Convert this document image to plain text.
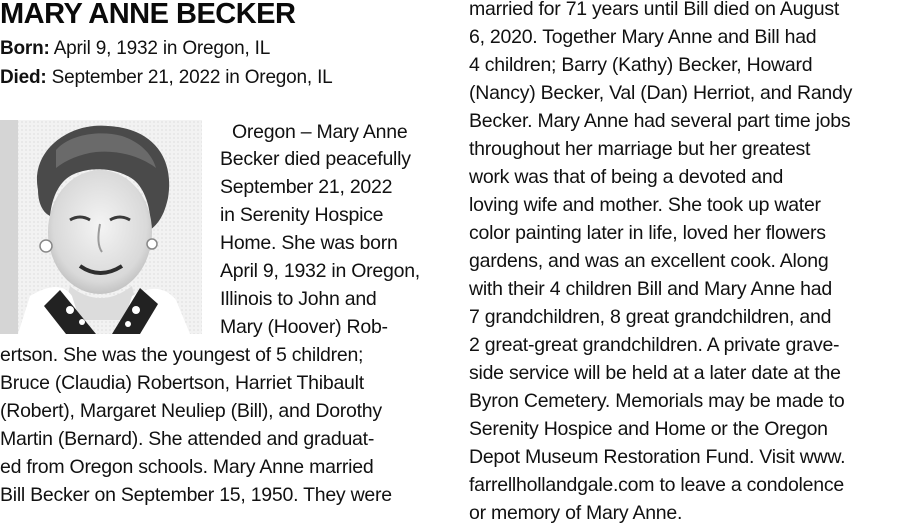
MARY ANNE BECKER
Born: April 9, 1932 in Oregon, IL
Died: September 21, 2022 in Oregon, IL
Oregon – Mary Anne
Becker died peacefully
September 21, 2022
in Serenity Hospice
Home. She was born
April 9, 1932 in Oregon,
Illinois to John and
Mary (Hoover) Rob-
ertson. She was the youngest of 5 children;
Bruce (Claudia) Robertson, Harriet Thibault
(Robert), Margaret Neuliep (Bill), and Dorothy
Martin (Bernard). She attended and graduat-
ed from Oregon schools. Mary Anne married
Bill Becker on September 15, 1950. They were
married for 71 years until Bill died on August
6, 2020. Together Mary Anne and Bill had
4 children; Barry (Kathy) Becker, Howard
(Nancy) Becker, Val (Dan) Herriot, and Randy
Becker. Mary Anne had several part time jobs
throughout her marriage but her greatest
work was that of being a devoted and
loving wife and mother. She took up water
color painting later in life, loved her flowers
gardens, and was an excellent cook. Along
with their 4 children Bill and Mary Anne had
7 grandchildren, 8 great grandchildren, and
2 great-great grandchildren. A private grave-
side service will be held at a later date at the
Byron Cemetery. Memorials may be made to
Serenity Hospice and Home or the Oregon
Depot Museum Restoration Fund. Visit www.
farrellhollandgale.com to leave a condolence
or memory of Mary Anne.
